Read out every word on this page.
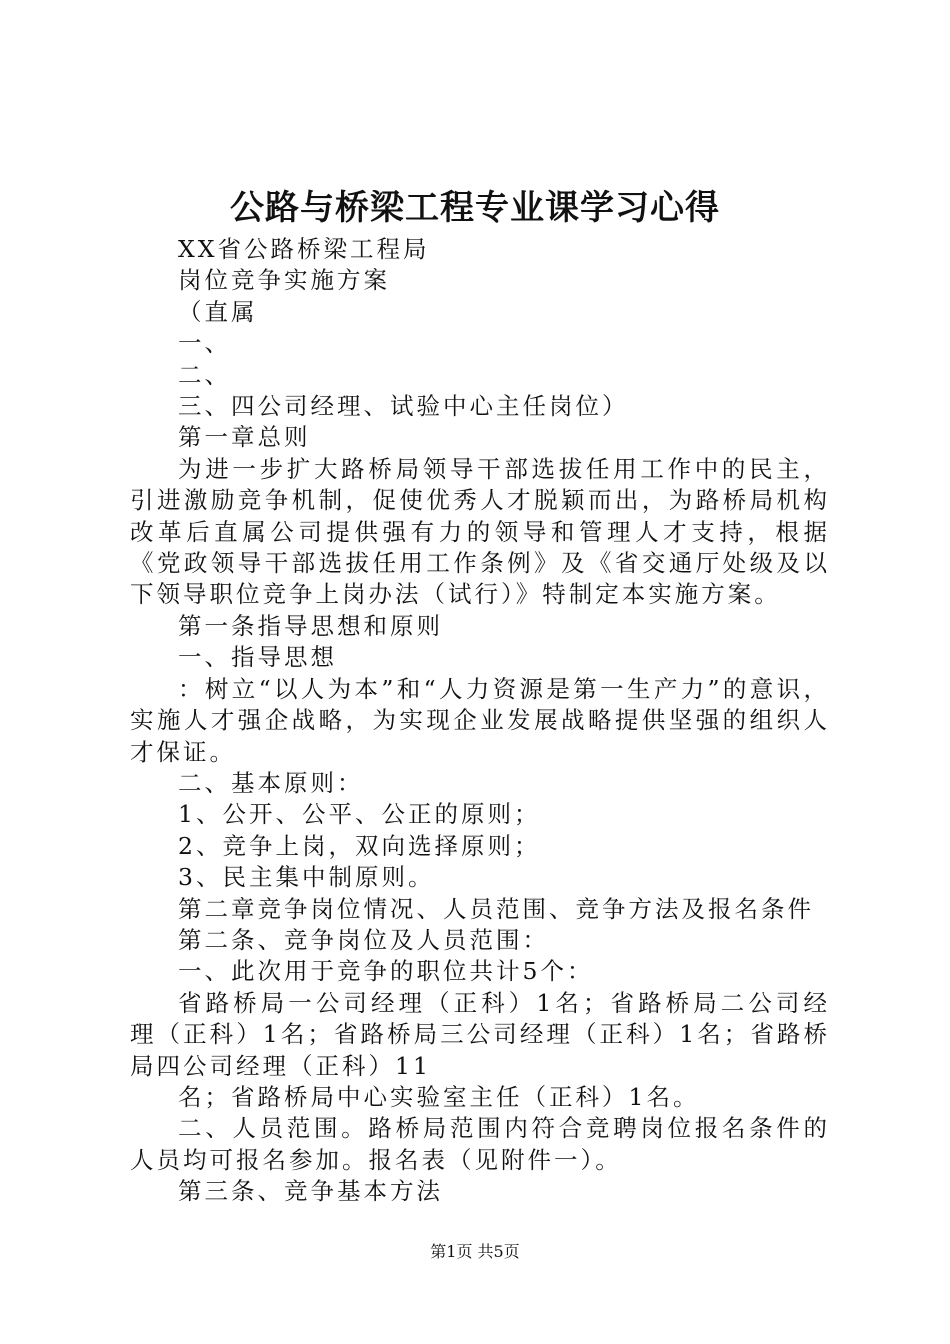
公路与桥梁工程专业课学习心得

XX省公路桥梁工程局

岗位竞争实施方案

（直属

一、

二、

三、四公司经理、试验中心主任岗位）

第一章总则

为进一步扩大路桥局领导干部选拔任用工作中的民主，引进激励竞争机制，促使优秀人才脱颖而出，为路桥局机构改革后直属公司提供强有力的领导和管理人才支持，根据《党政领导干部选拔任用工作条例》及《省交通厅处级及以下领导职位竞争上岗办法（试行）》特制定本实施方案。

第一条指导思想和原则

一、指导思想

：树立“以人为本”和“人力资源是第一生产力”的意识，实施人才强企战略，为实现企业发展战略提供坚强的组织人才保证。

二、基本原则：

1、公开、公平、公正的原则；

2、竞争上岗，双向选择原则；

3、民主集中制原则。

第二章竞争岗位情况、人员范围、竞争方法及报名条件

第二条、竞争岗位及人员范围：

一、此次用于竞争的职位共计5个：

省路桥局一公司经理（正科）1名；省路桥局二公司经理（正科）1名；省路桥局三公司经理（正科）1名；省路桥局四公司经理（正科）11

名；省路桥局中心实验室主任（正科）1名。

二、人员范围。路桥局范围内符合竞聘岗位报名条件的人员均可报名参加。报名表（见附件一）。

第三条、竞争基本方法

第1页 共5页
